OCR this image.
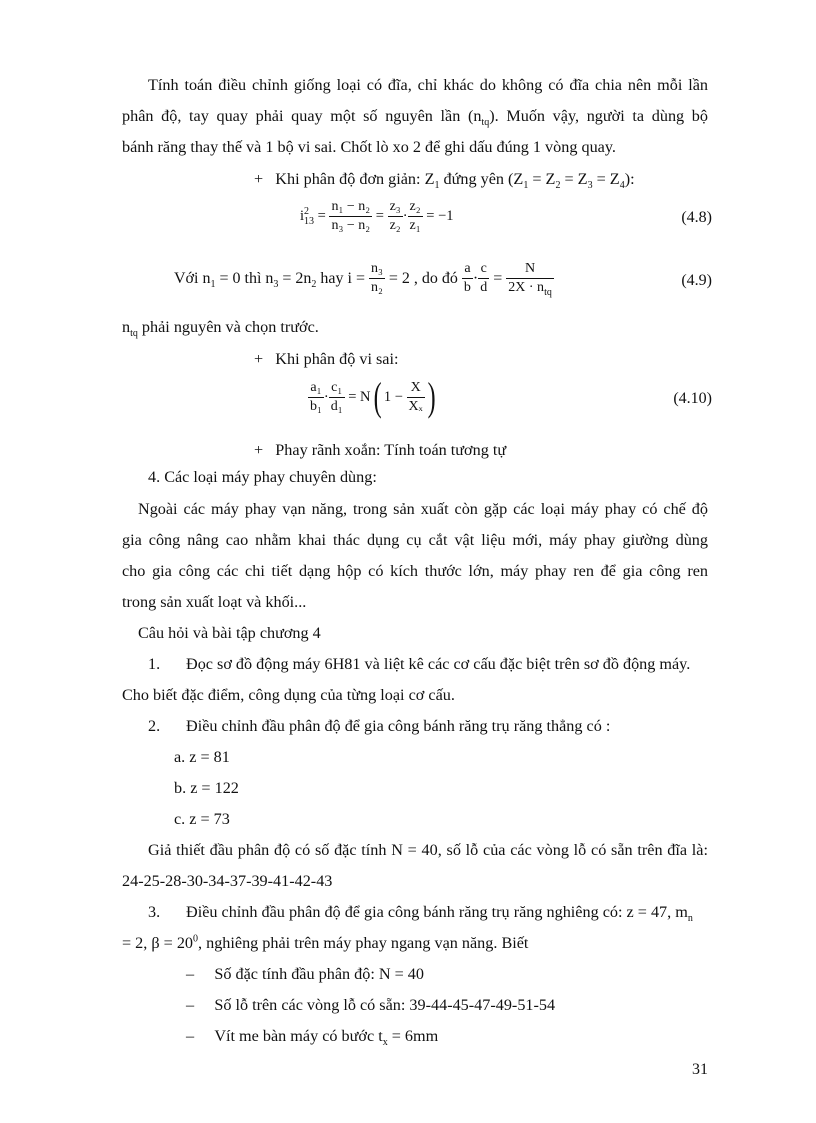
Tính toán điều chỉnh giống loại có đĩa, chỉ khác do không có đĩa chia nên mỗi lần
phân độ, tay quay phải quay một số nguyên lần $(n_{tq})$. Muốn vậy, người ta dùng bộ
bánh răng thay thế và 1 bộ vi sai. Chốt lò xo 2 để ghi dấu đúng 1 vòng quay.
+ Khi phân độ đơn giản: $Z_1$ đứng yên $(Z_1 = Z_2 = Z_3 = Z_4)$:
$i^2_{13}$
=
$\frac{\text{n₁ − n₂}}{\text{n₃ − n₂}}$
=
$\frac{\text{z₃}}{\text{z₂}} \cdot \frac{\text{z₂}}{\text{z₁}}$
= −1	(4.8)
Với $n_1 = 0$ thì $n_3 = 2n_2$ hay
i =
$\frac{\text{n₃}}{\text{n₂}}$
= 2 , do đó
$\frac{a}{b} \cdot \frac{c}{d}$
=
$\frac{N}{2X \cdot n_{tq}}$	(4.9)
$n_{tq}$ phải nguyên và chọn trước.
+ Khi phân độ vi sai:
$\frac{\text{a₁}}{\text{b₁}} \cdot \frac{\text{c₁}}{\text{d₁}}$
= N ( 1 −
$\frac{X}{\text{Xₓ}}$ )	(4.10)
+ Phay rãnh xoắn: Tính toán tương tự
4. Các loại máy phay chuyên dùng:
Ngoài các máy phay vạn năng, trong sản xuất còn gặp các loại máy phay có chế độ
gia công nâng cao nhằm khai thác dụng cụ cắt vật liệu mới, máy phay giường dùng
cho gia công các chi tiết dạng hộp có kích thước lớn, máy phay ren để gia công ren
trong sản xuất loạt và khối...
Câu hỏi và bài tập chương 4
1. Đọc sơ đồ động máy 6H81 và liệt kê các cơ cấu đặc biệt trên sơ đồ động máy.
Cho biết đặc điểm, công dụng của từng loại cơ cấu.
2. Điều chỉnh đầu phân độ để gia công bánh răng trụ răng thẳng có :
a. z = 81
b. z = 122
c. z = 73
Giả thiết đầu phân độ có số đặc tính N = 40, số lỗ của các vòng lỗ có sẵn trên đĩa là:
24-25-28-30-34-37-39-41-42-43
3. Điều chỉnh đầu phân độ để gia công bánh răng trụ răng nghiêng có: z = 47, $m_n$
= 2, $\beta = 20^0$, nghiêng phải trên máy phay ngang vạn năng. Biết
– Số đặc tính đầu phân độ: N = 40
– Số lỗ trên các vòng lỗ có sẵn: 39-44-45-47-49-51-54
– Vít me bàn máy có bước $t_x = 6mm$
31
